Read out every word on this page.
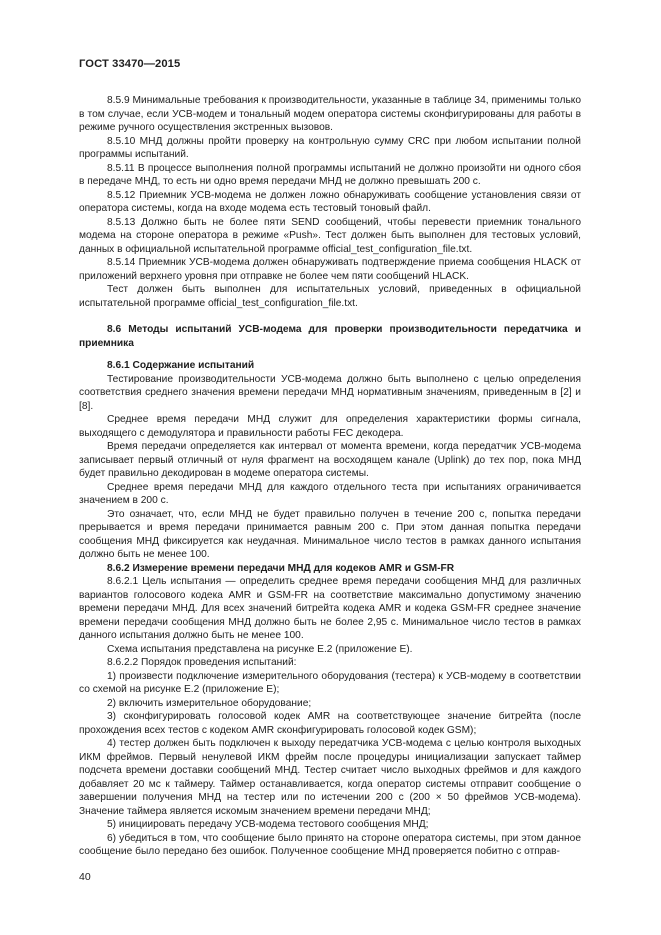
ГОСТ 33470—2015

8.5.9 Минимальные требования к производительности, указанные в таблице 34, применимы только в том случае, если УСВ-модем и тональный модем оператора системы сконфигурированы для работы в режиме ручного осуществления экстренных вызовов.

8.5.10 МНД должны пройти проверку на контрольную сумму CRC при любом испытании полной программы испытаний.

8.5.11 В процессе выполнения полной программы испытаний не должно произойти ни одного сбоя в передаче МНД, то есть ни одно время передачи МНД не должно превышать 200 с.

8.5.12 Приемник УСВ-модема не должен ложно обнаруживать сообщение установления связи от оператора системы, когда на входе модема есть тестовый тоновый файл.

8.5.13 Должно быть не более пяти SEND сообщений, чтобы перевести приемник тонального модема на стороне оператора в режиме «Push». Тест должен быть выполнен для тестовых условий, данных в официальной испытательной программе official_test_configuration_file.txt.

8.5.14 Приемник УСВ-модема должен обнаруживать подтверждение приема сообщения HLACK от приложений верхнего уровня при отправке не более чем пяти сообщений HLACK.

Тест должен быть выполнен для испытательных условий, приведенных в официальной испытательной программе official_test_configuration_file.txt.

8.6 Методы испытаний УСВ-модема для проверки производительности передатчика и приемника

8.6.1 Содержание испытаний

Тестирование производительности УСВ-модема должно быть выполнено с целью определения соответствия среднего значения времени передачи МНД нормативным значениям, приведенным в [2] и [8].

Среднее время передачи МНД служит для определения характеристики формы сигнала, выходящего с демодулятора и правильности работы FEC декодера.

Время передачи определяется как интервал от момента времени, когда передатчик УСВ-модема записывает первый отличный от нуля фрагмент на восходящем канале (Uplink) до тех пор, пока МНД будет правильно декодирован в модеме оператора системы.

Среднее время передачи МНД для каждого отдельного теста при испытаниях ограничивается значением в 200 с.

Это означает, что, если МНД не будет правильно получен в течение 200 с, попытка передачи прерывается и время передачи принимается равным 200 с. При этом данная попытка передачи сообщения МНД фиксируется как неудачная. Минимальное число тестов в рамках данного испытания должно быть не менее 100.

8.6.2 Измерение времени передачи МНД для кодеков AMR и GSM-FR

8.6.2.1 Цель испытания — определить среднее время передачи сообщения МНД для различных вариантов голосового кодека AMR и GSM-FR на соответствие максимально допустимому значению времени передачи МНД. Для всех значений битрейта кодека AMR и кодека GSM-FR среднее значение времени передачи сообщения МНД должно быть не более 2,95 с. Минимальное число тестов в рамках данного испытания должно быть не менее 100.

Схема испытания представлена на рисунке Е.2 (приложение Е).

8.6.2.2 Порядок проведения испытаний:

1) произвести подключение измерительного оборудования (тестера) к УСВ-модему в соответствии со схемой на рисунке Е.2 (приложение Е);

2) включить измерительное оборудование;

3) сконфигурировать голосовой кодек AMR на соответствующее значение битрейта (после прохождения всех тестов с кодеком AMR сконфигурировать голосовой кодек GSM);

4) тестер должен быть подключен к выходу передатчика УСВ-модема с целью контроля выходных ИКМ фреймов. Первый ненулевой ИКМ фрейм после процедуры инициализации запускает таймер подсчета времени доставки сообщений МНД. Тестер считает число выходных фреймов и для каждого добавляет 20 мс к таймеру. Таймер останавливается, когда оператор системы отправит сообщение о завершении получения МНД на тестер или по истечении 200 с (200 × 50 фреймов УСВ-модема). Значение таймера является искомым значением времени передачи МНД;

5) инициировать передачу УСВ-модема тестового сообщения МНД;

6) убедиться в том, что сообщение было принято на стороне оператора системы, при этом данное сообщение было передано без ошибок. Полученное сообщение МНД проверяется побитно с отправ-

40
